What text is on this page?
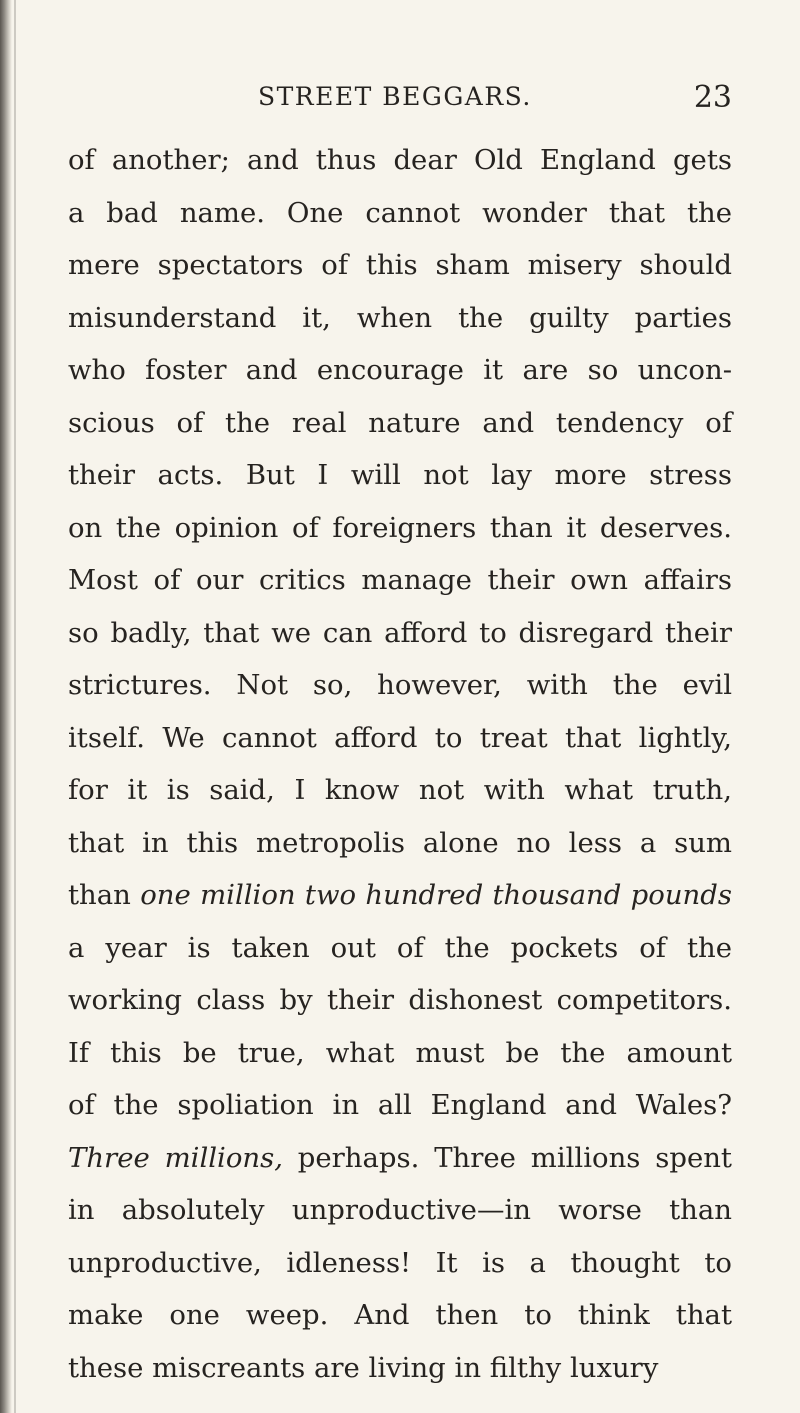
STREET BEGGARS.	23
of another; and thus dear Old England gets
a bad name. One cannot wonder that the
mere spectators of this sham misery should
misunderstand it, when the guilty parties
who foster and encourage it are so uncon-
scious of the real nature and tendency of
their acts. But I will not lay more stress
on the opinion of foreigners than it deserves.
Most of our critics manage their own affairs
so badly, that we can afford to disregard their
strictures. Not so, however, with the evil
itself. We cannot afford to treat that lightly,
for it is said, I know not with what truth,
that in this metropolis alone no less a sum
than one million two hundred thousand pounds
a year is taken out of the pockets of the
working class by their dishonest competitors.
If this be true, what must be the amount
of the spoliation in all England and Wales?
Three millions, perhaps. Three millions spent
in absolutely unproductive—in worse than
unproductive, idleness! It is a thought to
make one weep. And then to think that
these miscreants are living in filthy luxury
